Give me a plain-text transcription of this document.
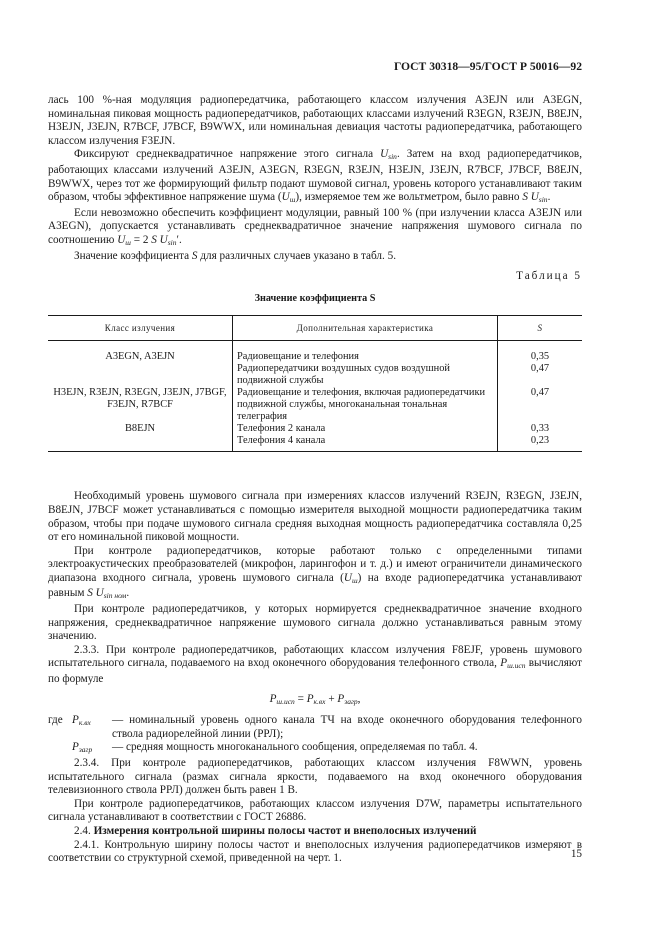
ГОСТ 30318—95/ГОСТ Р 50016—92

лась 100 %-ная модуляция радиопередатчика, работающего классом излучения A3EJN или A3EGN, номинальная пиковая мощность радиопередатчиков, работающих классами излучений R3EGN, R3EJN, B8EJN, H3EJN, J3EJN, R7BCF, J7BCF, B9WWX, или номинальная девиация частоты радиопередатчика, работающего классом излучения F3EJN.

Фиксируют среднеквадратичное напряжение этого сигнала $U_{sin}$. Затем на вход радиопередатчиков, работающих классами излучений A3EJN, A3EGN, R3EGN, R3EJN, H3EJN, J3EJN, R7BCF, J7BCF, B8EJN, B9WWX, через тот же формирующий фильтр подают шумовой сигнал, уровень которого устанавливают таким образом, чтобы эффективное напряжение шума $(U_ш)$, измеряемое тем же вольтметром, было равно S $U_{sin}$.

Если невозможно обеспечить коэффициент модуляции, равный 100 % (при излучении класса A3EJN или A3EGN), допускается устанавливать среднеквадратичное значение напряжения шумового сигнала по соотношению $U_ш = 2$ S $U_{sin}'$.

Значение коэффициента S для различных случаев указано в табл. 5.

Таблица 5
Значение коэффициента S
Класс излучения	Дополнительная характеристика	S
A3EGN, A3EJN	Радиовещание и телефония	0,35
	Радиопередатчики воздушных судов воздушной подвижной службы	0,47
H3EJN, R3EJN, R3EGN, J3EJN, J7BGF, F3EJN, R7BCF	Радиовещание и телефония, включая радиопередатчики подвижной службы, многоканальная тональная телеграфия	0,47
B8EJN	Телефония 2 канала	0,33
	Телефония 4 канала	0,23

Необходимый уровень шумового сигнала при измерениях классов излучений R3EJN, R3EGN, J3EJN, B8EJN, J7BCF может устанавливаться с помощью измерителя выходной мощности радиопередатчика таким образом, чтобы при подаче шумового сигнала средняя выходная мощность радиопередатчика составляла 0,25 от его номинальной пиковой мощности.

При контроле радиопередатчиков, которые работают только с определенными типами электроакустических преобразователей (микрофон, ларингофон и т. д.) и имеют ограничители динамического диапазона входного сигнала, уровень шумового сигнала $(U_ш)$ на входе радиопередатчика устанавливают равным S $U_{sin ном}$.

При контроле радиопередатчиков, у которых нормируется среднеквадратичное значение входного напряжения, среднеквадратичное напряжение шумового сигнала должно устанавливаться равным этому значению.

2.3.3. При контроле радиопередатчиков, работающих классом излучения F8EJF, уровень шумового испытательного сигнала, подаваемого на вход оконечного оборудования телефонного ствола, $P_{ш.исп}$ вычисляют по формуле

$P_{ш.исп} = P_{к.вх} + P_{загр}$,
где $P_{к.вх}$	— номинальный уровень одного канала ТЧ на входе оконечного оборудования телефонного ствола радиорелейной линии (РРЛ);
$P_{загр}$	— средняя мощность многоканального сообщения, определяемая по табл. 4.

2.3.4. При контроле радиопередатчиков, работающих классом излучения F8WWN, уровень испытательного сигнала (размах сигнала яркости, подаваемого на вход оконечного оборудования телевизионного ствола РРЛ) должен быть равен 1 В.

При контроле радиопередатчиков, работающих классом излучения D7W, параметры испытательного сигнала устанавливают в соответствии с ГОСТ 26886.

2.4. Измерения контрольной ширины полосы частот и внеполосных излучений

2.4.1. Контрольную ширину полосы частот и внеполосных излучения радиопередатчиков измеряют в соответствии со структурной схемой, приведенной на черт. 1.	15
